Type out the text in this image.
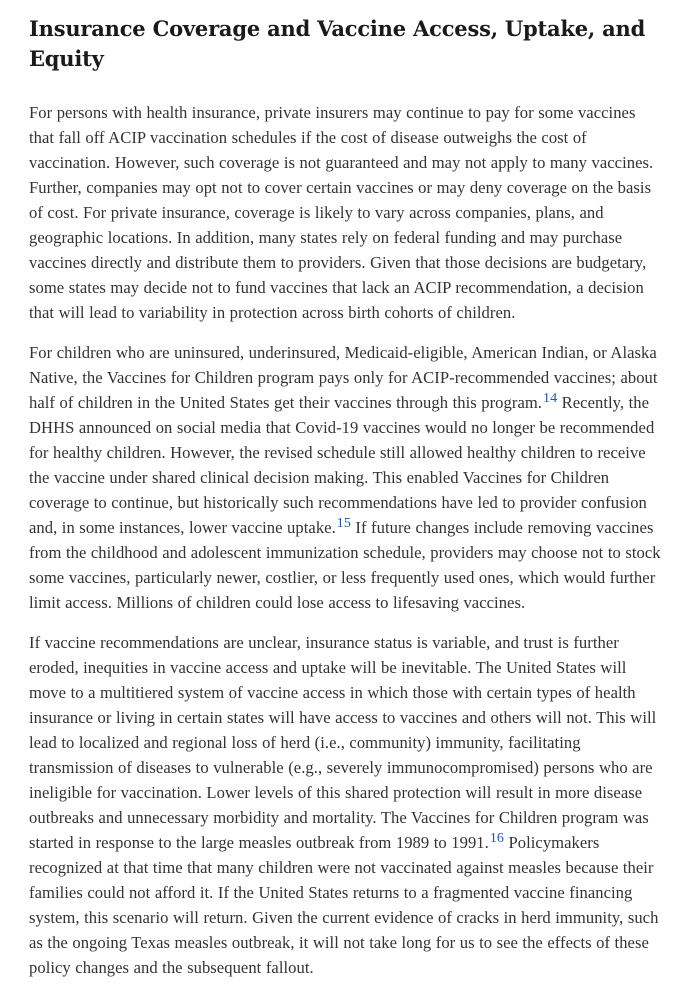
Insurance Coverage and Vaccine Access, Uptake, and Equity

For persons with health insurance, private insurers may continue to pay for some vaccines that fall off ACIP vaccination schedules if the cost of disease outweighs the cost of vaccination. However, such coverage is not guaranteed and may not apply to many vaccines. Further, companies may opt not to cover certain vaccines or may deny coverage on the basis of cost. For private insurance, coverage is likely to vary across companies, plans, and geographic locations. In addition, many states rely on federal funding and may purchase vaccines directly and distribute them to providers. Given that those decisions are budgetary, some states may decide not to fund vaccines that lack an ACIP recommendation, a decision that will lead to variability in protection across birth cohorts of children.

For children who are uninsured, underinsured, Medicaid-eligible, American Indian, or Alaska Native, the Vaccines for Children program pays only for ACIP-recommended vaccines; about half of children in the United States get their vaccines through this program.$^{14}$ Recently, the DHHS announced on social media that Covid-19 vaccines would no longer be recommended for healthy children. However, the revised schedule still allowed healthy children to receive the vaccine under shared clinical decision making. This enabled Vaccines for Children coverage to continue, but historically such recommendations have led to provider confusion and, in some instances, lower vaccine uptake.$^{15}$ If future changes include removing vaccines from the childhood and adolescent immunization schedule, providers may choose not to stock some vaccines, particularly newer, costlier, or less frequently used ones, which would further limit access. Millions of children could lose access to lifesaving vaccines.

If vaccine recommendations are unclear, insurance status is variable, and trust is further eroded, inequities in vaccine access and uptake will be inevitable. The United States will move to a multitiered system of vaccine access in which those with certain types of health insurance or living in certain states will have access to vaccines and others will not. This will lead to localized and regional loss of herd (i.e., community) immunity, facilitating transmission of diseases to vulnerable (e.g., severely immunocompromised) persons who are ineligible for vaccination. Lower levels of this shared protection will result in more disease outbreaks and unnecessary morbidity and mortality. The Vaccines for Children program was started in response to the large measles outbreak from 1989 to 1991.16 Policymakers recognized at that time that many children were not vaccinated against measles because their families could not afford it. If the United States returns to a fragmented vaccine financing system, this scenario will return. Given the current evidence of cracks in herd immunity, such as the ongoing Texas measles outbreak, it will not take long for us to see the effects of these policy changes and the subsequent fallout.
